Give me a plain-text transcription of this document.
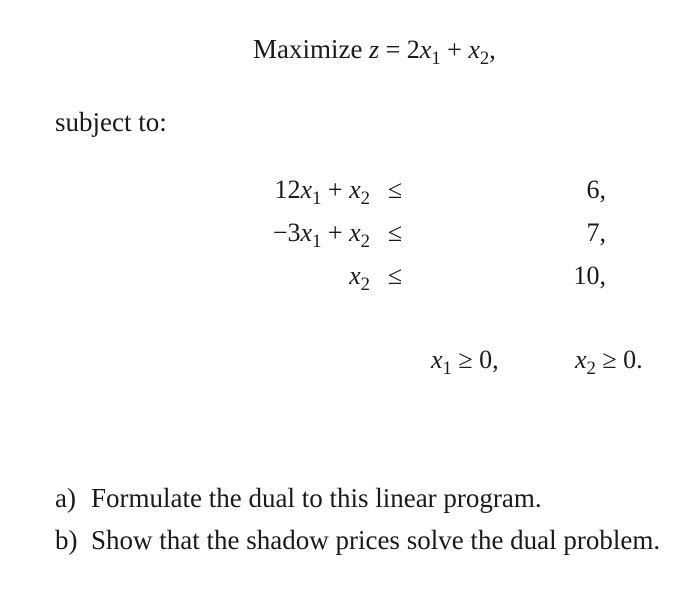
Maximize $z = 2x_1 + x_2$,
subject to:
$12x_1 + x_2$ ≤	6,
$-3x_1 + x_2$ ≤	7,
$x_2$ ≤	10,
$x_1 \ge 0$,	$x_2 \ge 0$.
a) Formulate the dual to this linear program.
b) Show that the shadow prices solve the dual problem.
